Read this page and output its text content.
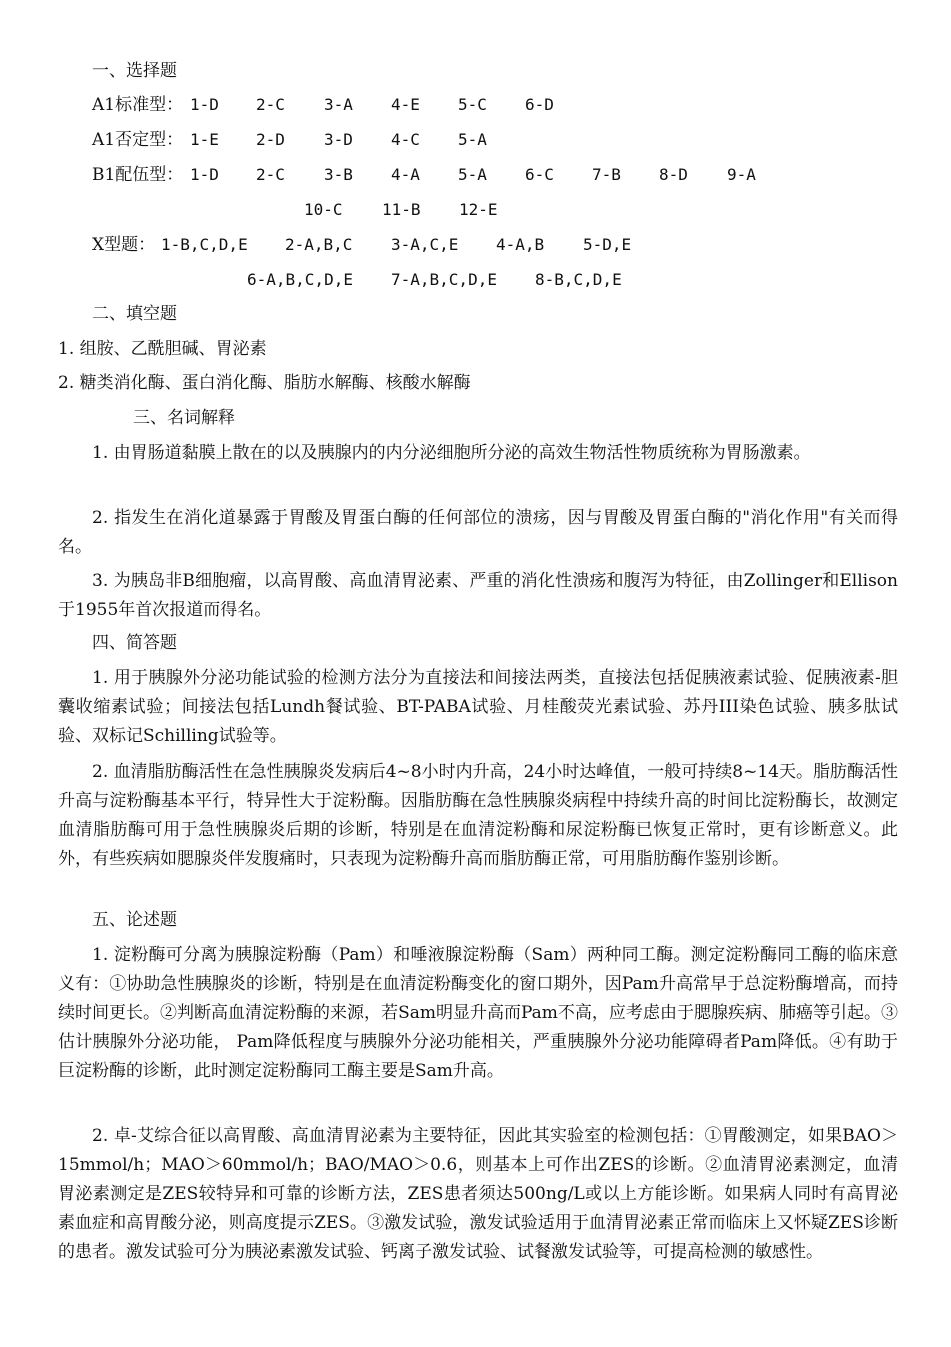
一、选择题
A1标准型： 1-D 2-C 3-A 4-E 5-C 6-D
A1否定型： 1-E 2-D 3-D 4-C 5-A
B1配伍型： 1-D 2-C 3-B 4-A 5-A 6-C 7-B 8-D 9-A
10-C 11-B 12-E
X型题： 1-B,C,D,E 2-A,B,C 3-A,C,E 4-A,B 5-D,E
6-A,B,C,D,E 7-A,B,C,D,E 8-B,C,D,E
二、填空题
1. 组胺、乙酰胆碱、胃泌素
2. 糖类消化酶、蛋白消化酶、脂肪水解酶、核酸水解酶
三、名词解释
1. 由胃肠道黏膜上散在的以及胰腺内的内分泌细胞所分泌的高效生物活性物质统称为胃肠激素。
2. 指发生在消化道暴露于胃酸及胃蛋白酶的任何部位的溃疡，因与胃酸及胃蛋白酶的"消化作用"有关而得名。
3. 为胰岛非B细胞瘤，以高胃酸、高血清胃泌素、严重的消化性溃疡和腹泻为特征，由Zollinger和Ellison于1955年首次报道而得名。
四、简答题
1. 用于胰腺外分泌功能试验的检测方法分为直接法和间接法两类，直接法包括促胰液素试验、促胰液素-胆囊收缩素试验；间接法包括Lundh餐试验、BT-PABA试验、月桂酸荧光素试验、苏丹III染色试验、胰多肽试验、双标记Schilling试验等。
2. 血清脂肪酶活性在急性胰腺炎发病后4~8小时内升高，24小时达峰值，一般可持续8~14天。脂肪酶活性升高与淀粉酶基本平行，特异性大于淀粉酶。因脂肪酶在急性胰腺炎病程中持续升高的时间比淀粉酶长，故测定血清脂肪酶可用于急性胰腺炎后期的诊断，特别是在血清淀粉酶和尿淀粉酶已恢复正常时，更有诊断意义。此外，有些疾病如腮腺炎伴发腹痛时，只表现为淀粉酶升高而脂肪酶正常，可用脂肪酶作鉴别诊断。
五、论述题
1. 淀粉酶可分离为胰腺淀粉酶（Pam）和唾液腺淀粉酶（Sam）两种同工酶。测定淀粉酶同工酶的临床意义有：①协助急性胰腺炎的诊断，特别是在血清淀粉酶变化的窗口期外，因Pam升高常早于总淀粉酶增高，而持续时间更长。②判断高血清淀粉酶的来源，若Sam明显升高而Pam不高，应考虑由于腮腺疾病、肺癌等引起。③估计胰腺外分泌功能， Pam降低程度与胰腺外分泌功能相关，严重胰腺外分泌功能障碍者Pam降低。④有助于巨淀粉酶的诊断，此时测定淀粉酶同工酶主要是Sam升高。
2. 卓-艾综合征以高胃酸、高血清胃泌素为主要特征，因此其实验室的检测包括：①胃酸测定，如果BAO＞15mmol/h；MAO＞60mmol/h；BAO/MAO＞0.6，则基本上可作出ZES的诊断。②血清胃泌素测定，血清胃泌素测定是ZES较特异和可靠的诊断方法，ZES患者须达500ng/L或以上方能诊断。如果病人同时有高胃泌素血症和高胃酸分泌，则高度提示ZES。③激发试验，激发试验适用于血清胃泌素正常而临床上又怀疑ZES诊断的患者。激发试验可分为胰泌素激发试验、钙离子激发试验、试餐激发试验等，可提高检测的敏感性。
